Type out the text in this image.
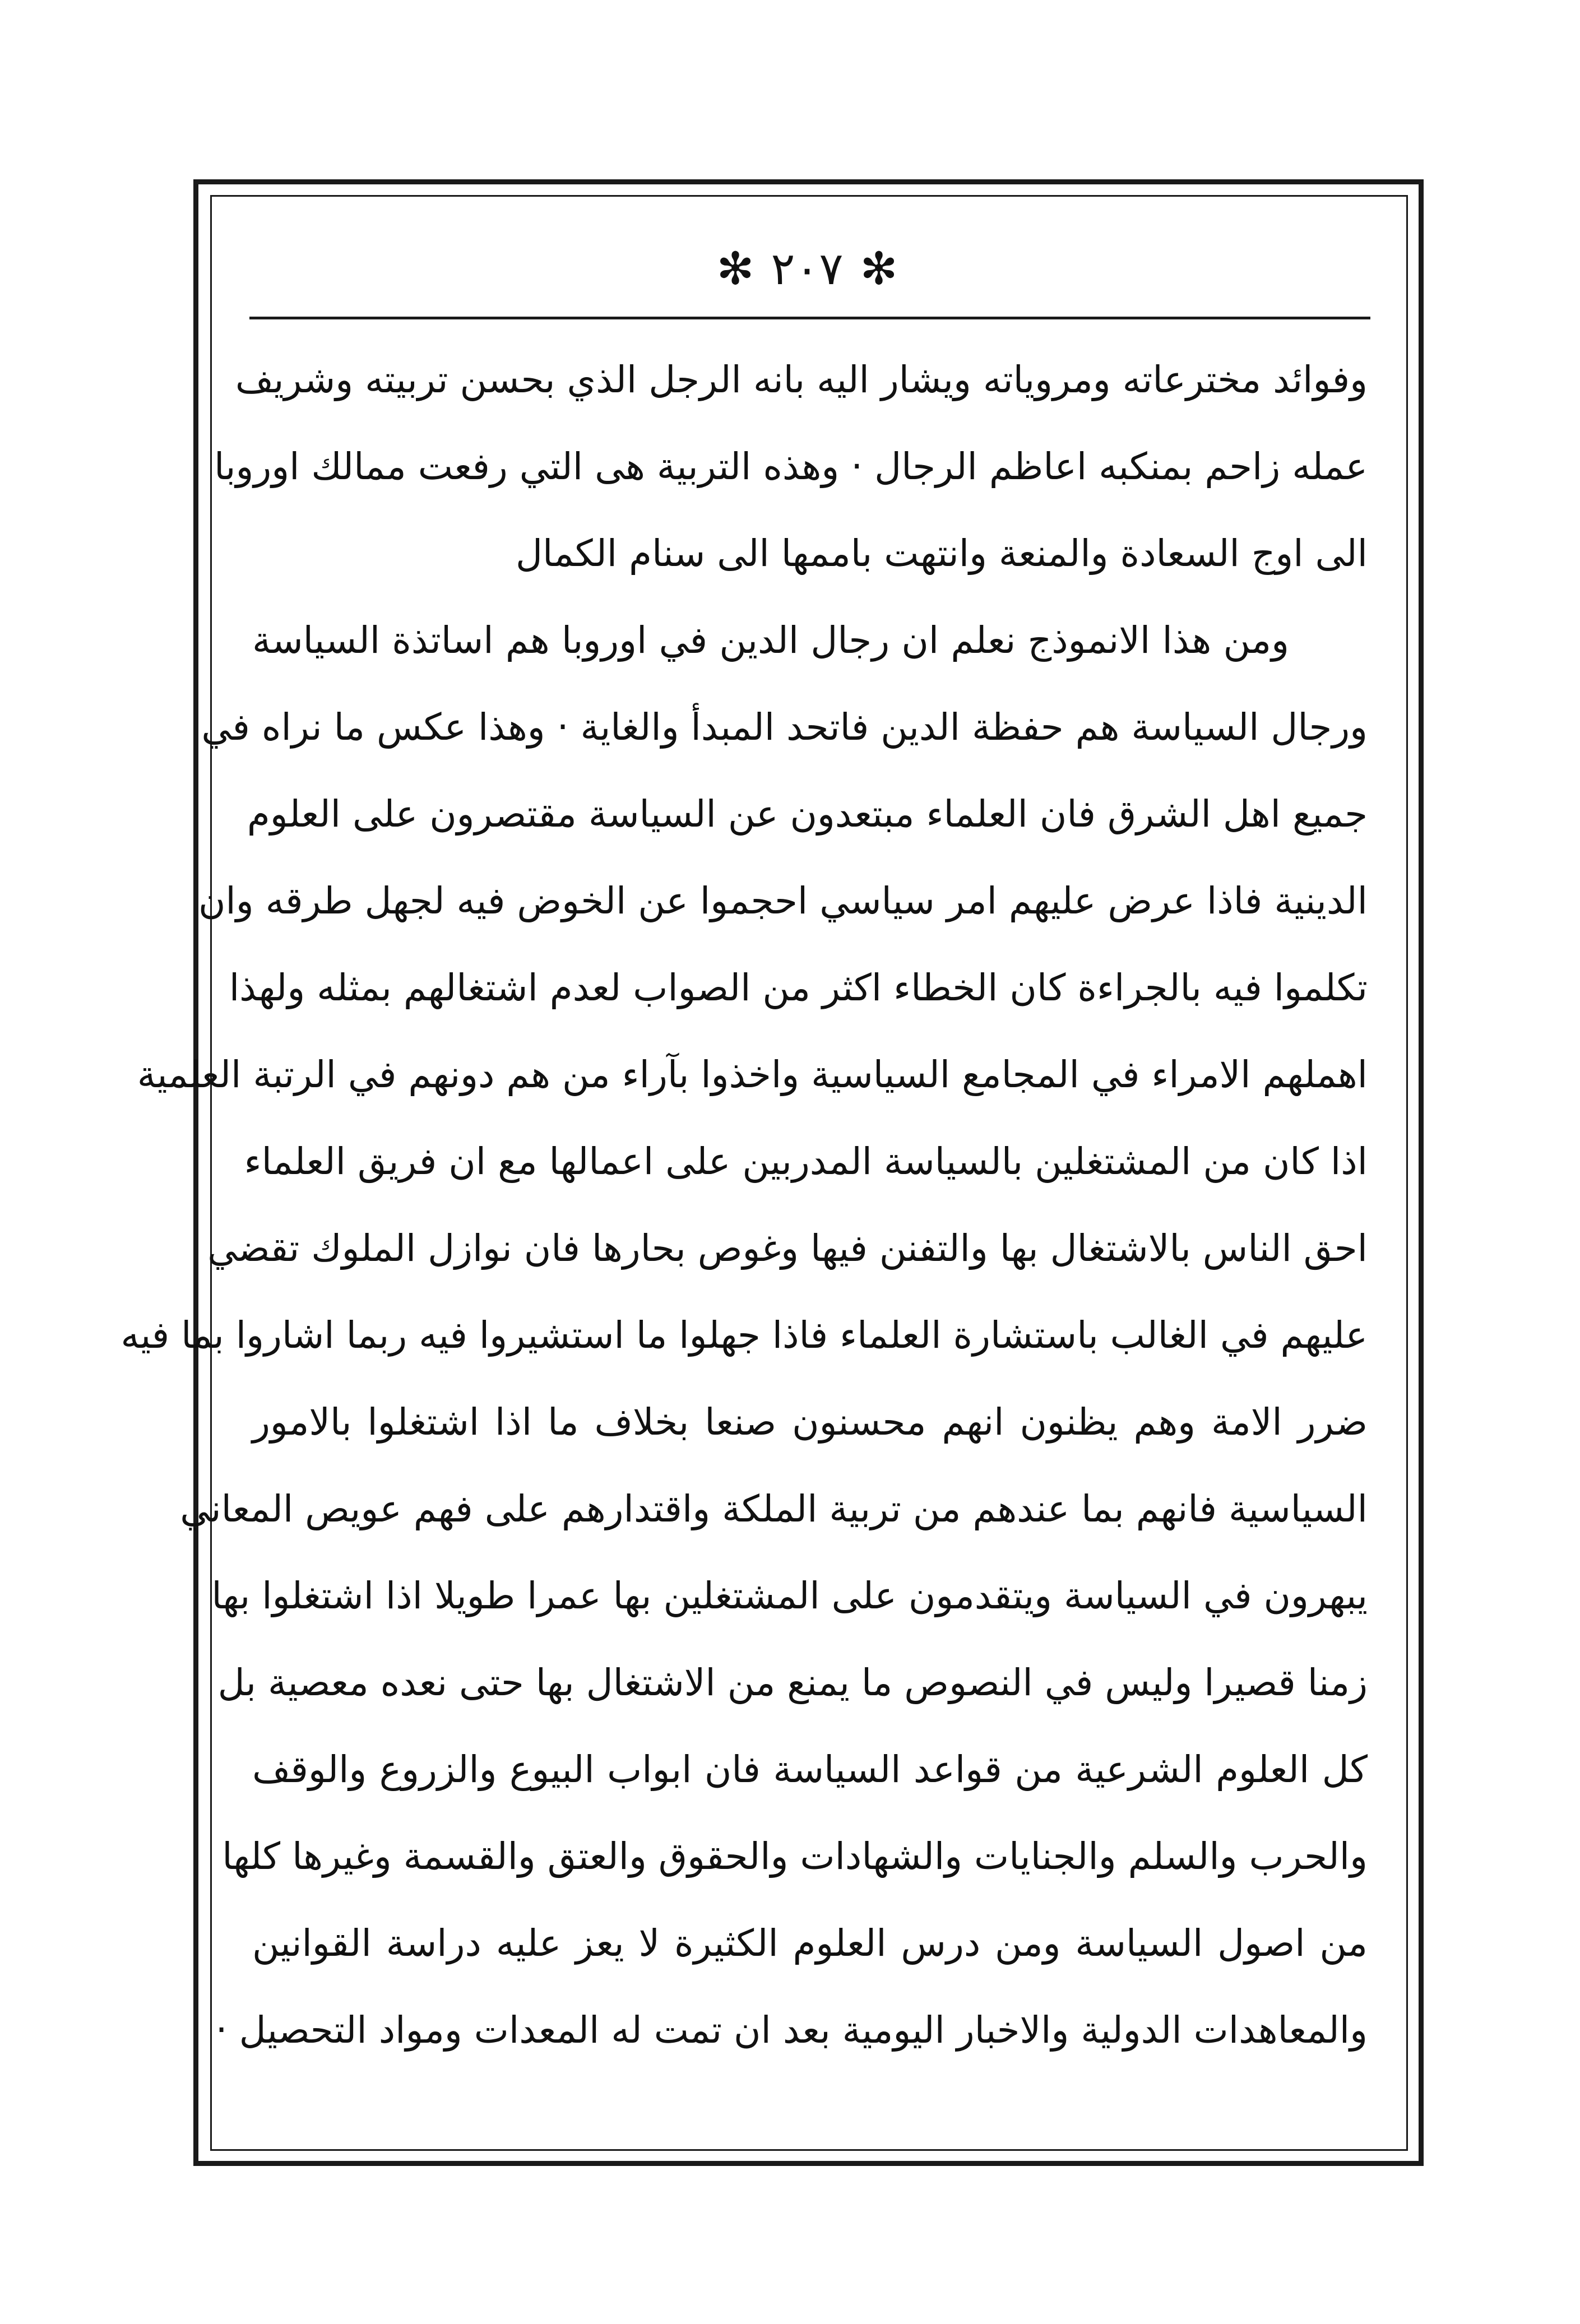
✻ ٢٠٧ ✻
وفوائد مخترعاته ومروياته ويشار اليه بانه الرجل الذي بحسن تربيته وشريف
عمله زاحم بمنكبه اعاظم الرجال · وهذه التربية هى التي رفعت ممالك اوروبا
الى اوج السعادة والمنعة وانتهت باممها الى سنام الكمال
ومن هذا الانموذج نعلم ان رجال الدين في اوروبا هم اساتذة السياسة
ورجال السياسة هم حفظة الدين فاتحد المبدأ والغاية · وهذا عكس ما نراه في
جميع اهل الشرق فان العلماء مبتعدون عن السياسة مقتصرون على العلوم
الدينية فاذا عرض عليهم امر سياسي احجموا عن الخوض فيه لجهل طرقه وان
تكلموا فيه بالجراءة كان الخطاء اكثر من الصواب لعدم اشتغالهم بمثله ولهذا
اهملهم الامراء في المجامع السياسية واخذوا بآراء من هم دونهم في الرتبة العلمية
اذا كان من المشتغلين بالسياسة المدربين على اعمالها مع ان فريق العلماء
احق الناس بالاشتغال بها والتفنن فيها وغوص بحارها فان نوازل الملوك تقضي
عليهم في الغالب باستشارة العلماء فاذا جهلوا ما استشيروا فيه ربما اشاروا بما فيه
ضرر الامة وهم يظنون انهم محسنون صنعا بخلاف ما اذا اشتغلوا بالامور
السياسية فانهم بما عندهم من تربية الملكة واقتدارهم على فهم عويص المعاني
يبهرون في السياسة ويتقدمون على المشتغلين بها عمرا طويلا اذا اشتغلوا بها
زمنا قصيرا وليس في النصوص ما يمنع من الاشتغال بها حتى نعده معصية بل
كل العلوم الشرعية من قواعد السياسة فان ابواب البيوع والزروع والوقف
والحرب والسلم والجنايات والشهادات والحقوق والعتق والقسمة وغيرها كلها
من اصول السياسة ومن درس العلوم الكثيرة لا يعز عليه دراسة القوانين
والمعاهدات الدولية والاخبار اليومية بعد ان تمت له المعدات ومواد التحصيل ·
